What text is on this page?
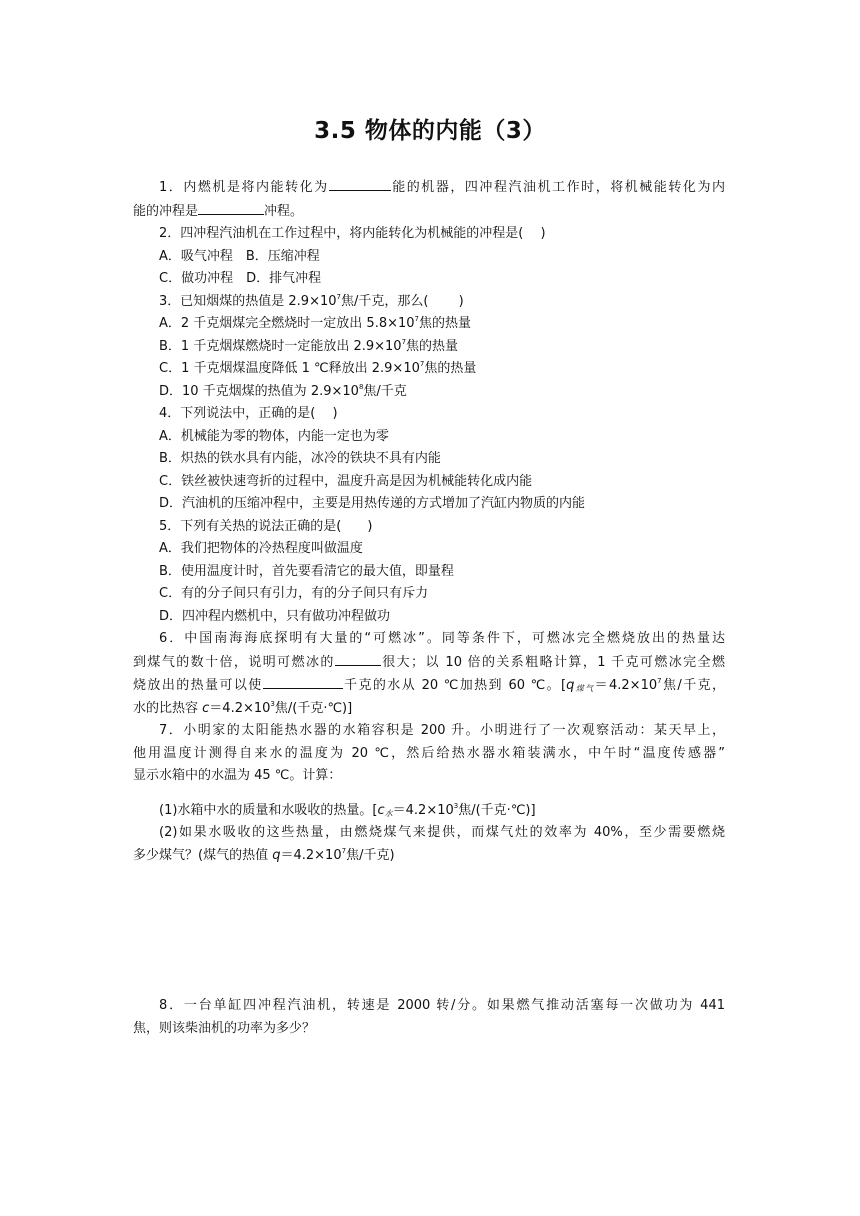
3.5 物体的内能（3）

1．内燃机是将内能转化为	能的机器，四冲程汽油机工作时，将机械能转化为内

能的冲程是	冲程。

2．四冲程汽油机在工作过程中，将内能转化为机械能的冲程是(　 )

A．吸气冲程　B．压缩冲程

C．做功冲程　D．排气冲程

3．已知烟煤的热值是 $2.9\times 10^7$焦/千克，那么(　　 )

A．2 千克烟煤完全燃烧时一定放出 $5.8\times 10^7$焦的热量

B．1 千克烟煤燃烧时一定能放出 $2.9\times 10^7$焦的热量

C．1 千克烟煤温度降低 1 ℃释放出 $2.9\times 10^7$焦的热量

D．10 千克烟煤的热值为 $2.9\times 10^8$焦/千克

4．下列说法中，正确的是(　 )

A．机械能为零的物体，内能一定也为零

B．炽热的铁水具有内能，冰冷的铁块不具有内能

C．铁丝被快速弯折的过程中，温度升高是因为机械能转化成内能

D．汽油机的压缩冲程中，主要是用热传递的方式增加了汽缸内物质的内能

5．下列有关热的说法正确的是(　　)

A．我们把物体的冷热程度叫做温度

B．使用温度计时，首先要看清它的最大值，即量程

C．有的分子间只有引力，有的分子间只有斥力

D．四冲程内燃机中，只有做功冲程做功

6．中国南海海底探明有大量的“可燃冰”。同等条件下，可燃冰完全燃烧放出的热量达

到煤气的数十倍，说明可燃冰的	很大；以 10 倍的关系粗略计算，1 千克可燃冰完全燃

烧放出的热量可以使	千克的水从 20 ℃加热到 60 ℃。[$q_{煤气}=4.2\times 10^7$焦/千克，

水的比热容 $c=4.2\times 10^3$焦/(千克·℃)]

7．小明家的太阳能热水器的水箱容积是 200 升。小明进行了一次观察活动：某天早上，

他用温度计测得自来水的温度为 20 ℃，然后给热水器水箱装满水，中午时“温度传感器”

显示水箱中的水温为 45 ℃。计算：

(1)水箱中水的质量和水吸收的热量。[$c_水=4.2\times 10^3$焦/(千克·℃)]

(2)如果水吸收的这些热量，由燃烧煤气来提供，而煤气灶的效率为 40%，至少需要燃烧

多少煤气？(煤气的热值 $q=4.2\times 10^7$焦/千克)

8．一台单缸四冲程汽油机，转速是 2000 转/分。如果燃气推动活塞每一次做功为 441

焦，则该柴油机的功率为多少？
